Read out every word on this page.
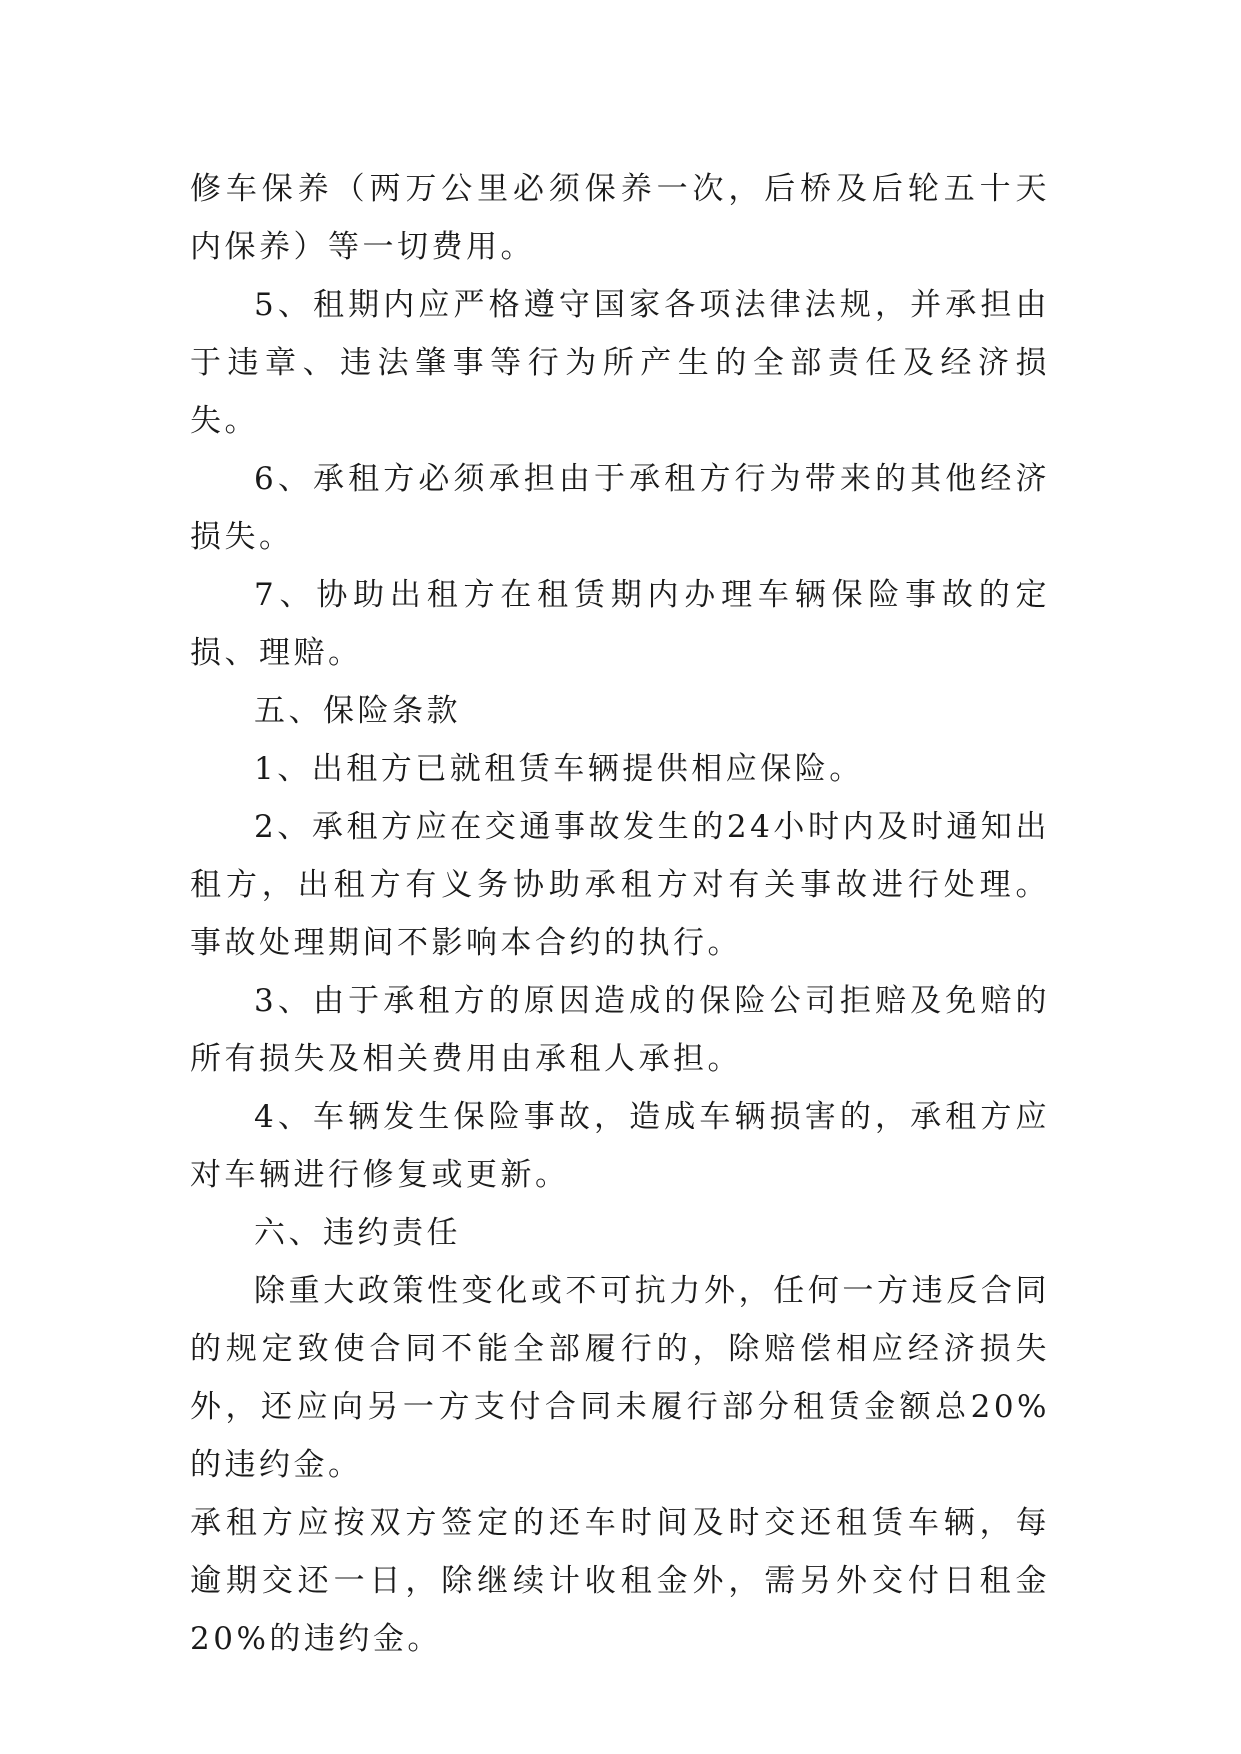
修车保养（两万公里必须保养一次，后桥及后轮五十天内保养）等一切费用。

5、租期内应严格遵守国家各项法律法规，并承担由于违章、违法肇事等行为所产生的全部责任及经济损失。

6、承租方必须承担由于承租方行为带来的其他经济损失。

7、协助出租方在租赁期内办理车辆保险事故的定损、理赔。

五、保险条款

1、出租方已就租赁车辆提供相应保险。

2、承租方应在交通事故发生的24小时内及时通知出租方，出租方有义务协助承租方对有关事故进行处理。事故处理期间不影响本合约的执行。

3、由于承租方的原因造成的保险公司拒赔及免赔的所有损失及相关费用由承租人承担。

4、车辆发生保险事故，造成车辆损害的，承租方应对车辆进行修复或更新。

六、违约责任

除重大政策性变化或不可抗力外，任何一方违反合同的规定致使合同不能全部履行的，除赔偿相应经济损失外，还应向另一方支付合同未履行部分租赁金额总20%的违约金。

承租方应按双方签定的还车时间及时交还租赁车辆，每逾期交还一日，除继续计收租金外，需另外交付日租金20%的违约金。
